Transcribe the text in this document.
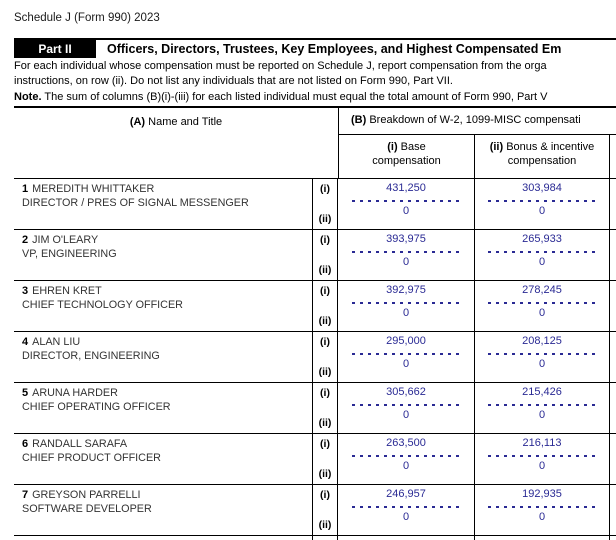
Schedule J (Form 990) 2023
Part II	Officers, Directors, Trustees, Key Employees, and Highest Compensated Em
For each individual whose compensation must be reported on Schedule J, report compensation from the orga
instructions, on row (ii). Do not list any individuals that are not listed on Form 990, Part VII.
Note. The sum of columns (B)(i)-(iii) for each listed individual must equal the total amount of Form 990, Part V
(A) Name and Title	(B) Breakdown of W-2, 1099-MISC compensati
(i) Base
compensation
(ii) Bonus & incentive
compensation
1 MEREDITH WHITTAKER
DIRECTOR / PRES OF SIGNAL MESSENGER
(i)
(ii)
431,250
0
303,984
0
2 JIM O'LEARY
VP, ENGINEERING
(i)
(ii)
393,975
0
265,933
0
3 EHREN KRET
CHIEF TECHNOLOGY OFFICER
(i)
(ii)
392,975
0
278,245
0
4 ALAN LIU
DIRECTOR, ENGINEERING
(i)
(ii)
295,000
0
208,125
0
5 ARUNA HARDER
CHIEF OPERATING OFFICER
(i)
(ii)
305,662
0
215,426
0
6 RANDALL SARAFA
CHIEF PRODUCT OFFICER
(i)
(ii)
263,500
0
216,113
0
7 GREYSON PARRELLI
SOFTWARE DEVELOPER
(i)
(ii)
246,957
0
192,935
0
